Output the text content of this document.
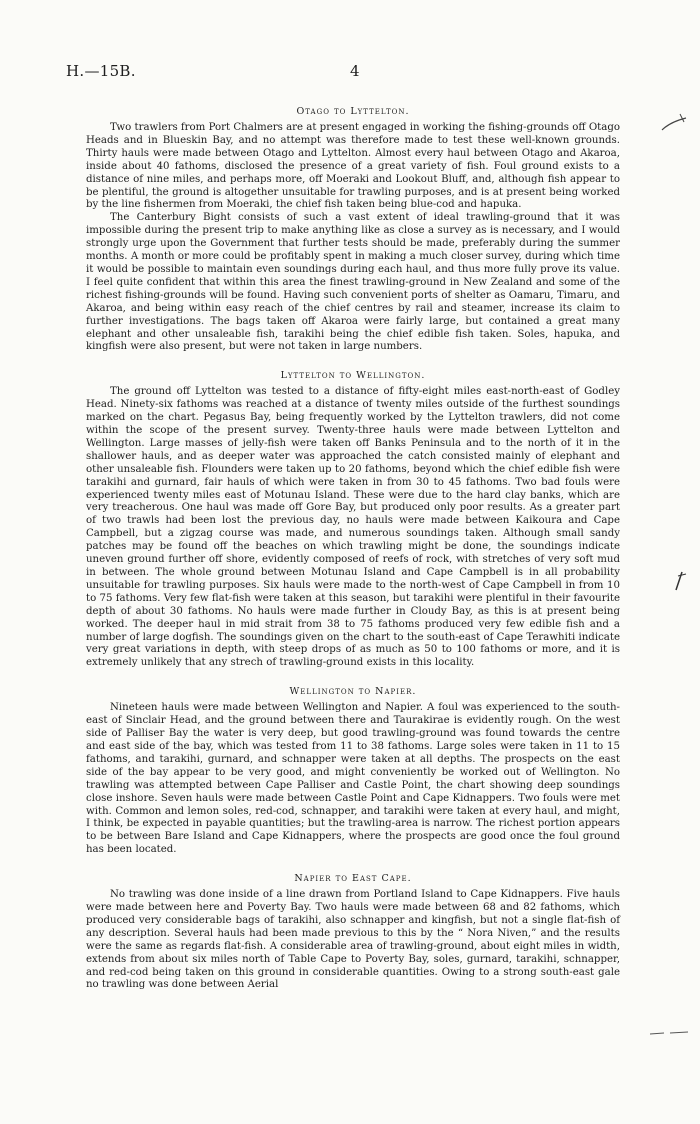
H.—15B.	4
Otago to Lyttelton.

Two trawlers from Port Chalmers are at present engaged in working the fishing-grounds off Otago Heads and in Blueskin Bay, and no attempt was therefore made to test these well-known grounds. Thirty hauls were made between Otago and Lyttelton. Almost every haul between Otago and Akaroa, inside about 40 fathoms, disclosed the presence of a great variety of fish. Foul ground exists to a distance of nine miles, and perhaps more, off Moeraki and Lookout Bluff, and, although fish appear to be plentiful, the ground is altogether unsuitable for trawling purposes, and is at present being worked by the line fishermen from Moeraki, the chief fish taken being blue-cod and hapuka.

The Canterbury Bight consists of such a vast extent of ideal trawling-ground that it was impossible during the present trip to make anything like as close a survey as is necessary, and I would strongly urge upon the Government that further tests should be made, preferably during the summer months. A month or more could be profitably spent in making a much closer survey, during which time it would be possible to maintain even soundings during each haul, and thus more fully prove its value. I feel quite confident that within this area the finest trawling-ground in New Zealand and some of the richest fishing-grounds will be found. Having such convenient ports of shelter as Oamaru, Timaru, and Akaroa, and being within easy reach of the chief centres by rail and steamer, increase its claim to further investigations. The bags taken off Akaroa were fairly large, but contained a great many elephant and other unsaleable fish, tarakihi being the chief edible fish taken. Soles, hapuka, and kingfish were also present, but were not taken in large numbers.

Lyttelton to Wellington.

The ground off Lyttelton was tested to a distance of fifty-eight miles east-north-east of Godley Head. Ninety-six fathoms was reached at a distance of twenty miles outside of the furthest soundings marked on the chart. Pegasus Bay, being frequently worked by the Lyttelton trawlers, did not come within the scope of the present survey. Twenty-three hauls were made between Lyttelton and Wellington. Large masses of jelly-fish were taken off Banks Peninsula and to the north of it in the shallower hauls, and as deeper water was approached the catch consisted mainly of elephant and other unsaleable fish. Flounders were taken up to 20 fathoms, beyond which the chief edible fish were tarakihi and gurnard, fair hauls of which were taken in from 30 to 45 fathoms. Two bad fouls were experienced twenty miles east of Motunau Island. These were due to the hard clay banks, which are very treacherous. One haul was made off Gore Bay, but produced only poor results. As a greater part of two trawls had been lost the previous day, no hauls were made between Kaikoura and Cape Campbell, but a zigzag course was made, and numerous soundings taken. Although small sandy patches may be found off the beaches on which trawling might be done, the soundings indicate uneven ground further off shore, evidently composed of reefs of rock, with stretches of very soft mud in between. The whole ground between Motunau Island and Cape Campbell is in all probability unsuitable for trawling purposes. Six hauls were made to the north-west of Cape Campbell in from 10 to 75 fathoms. Very few flat-fish were taken at this season, but tarakihi were plentiful in their favourite depth of about 30 fathoms. No hauls were made further in Cloudy Bay, as this is at present being worked. The deeper haul in mid strait from 38 to 75 fathoms produced very few edible fish and a number of large dogfish. The soundings given on the chart to the south-east of Cape Terawhiti indicate very great variations in depth, with steep drops of as much as 50 to 100 fathoms or more, and it is extremely unlikely that any strech of trawling-ground exists in this locality.

Wellington to Napier.

Nineteen hauls were made between Wellington and Napier. A foul was experienced to the south-east of Sinclair Head, and the ground between there and Taurakirae is evidently rough. On the west side of Palliser Bay the water is very deep, but good trawling-ground was found towards the centre and east side of the bay, which was tested from 11 to 38 fathoms. Large soles were taken in 11 to 15 fathoms, and tarakihi, gurnard, and schnapper were taken at all depths. The prospects on the east side of the bay appear to be very good, and might conveniently be worked out of Wellington. No trawling was attempted between Cape Palliser and Castle Point, the chart showing deep soundings close inshore. Seven hauls were made between Castle Point and Cape Kidnappers. Two fouls were met with. Common and lemon soles, red-cod, schnapper, and tarakihi were taken at every haul, and might, I think, be expected in payable quantities; but the trawling-area is narrow. The richest portion appears to be between Bare Island and Cape Kidnappers, where the prospects are good once the foul ground has been located.

Napier to East Cape.

No trawling was done inside of a line drawn from Portland Island to Cape Kidnappers. Five hauls were made between here and Poverty Bay. Two hauls were made between 68 and 82 fathoms, which produced very considerable bags of tarakihi, also schnapper and kingfish, but not a single flat-fish of any description. Several hauls had been made previous to this by the “ Nora Niven,” and the results were the same as regards flat-fish. A considerable area of trawling-ground, about eight miles in width, extends from about six miles north of Table Cape to Poverty Bay, soles, gurnard, tarakihi, schnapper, and red-cod being taken on this ground in considerable quantities. Owing to a strong south-east gale no trawling was done between Aerial
